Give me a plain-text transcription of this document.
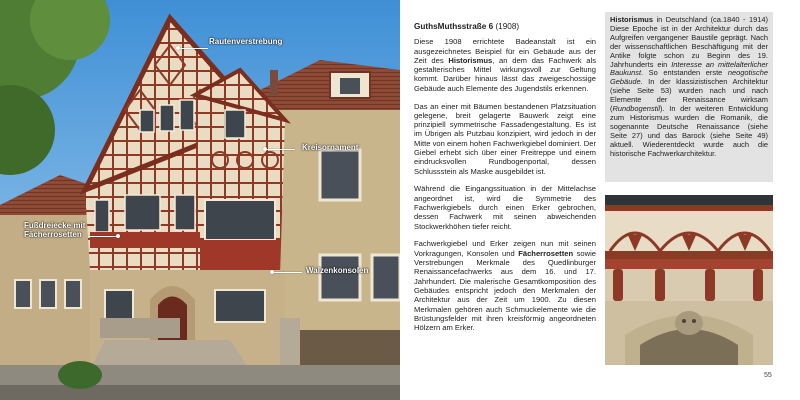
Rautenverstrebung
Kreisornament
Fußdreiecke mit
Fächerrosetten
Walzenkonsolen

GuthsMuthsstraße 6 (1908)

Diese 1908 errichtete Badeanstalt ist ein ausgezeichnetes Beispiel für ein Gebäude aus der Zeit des Historismus, an dem das Fachwerk als gestalterisches Mittel wirkungsvoll zur Geltung kommt. Darüber hinaus lässt das zweigeschossige Gebäude auch Elemente des Jugendstils erkennen.

Das an einer mit Bäumen bestandenen Platzsituation gelegene, breit gelagerte Bauwerk zeigt eine prinzipiell symmetrische Fassadengestaltung. Es ist im Übrigen als Putzbau konzipiert, wird jedoch in der Mitte von einem hohen Fachwerkgiebel dominiert. Der Giebel erhebt sich über einer Freitreppe und einem eindrucksvollen Rundbogenportal, dessen Schlussstein als Maske ausgebildet ist.

Während die Eingangssituation in der Mittelachse angeordnet ist, wird die Symmetrie des Fachwerkgiebels durch einen Erker gebrochen, dessen Fachwerk mit seinen abweichenden Stockwerkhöhen tiefer reicht.

Fachwerkgiebel und Erker zeigen nun mit seinen Vorkragungen, Konsolen und Fächerrosetten sowie Verstrebungen Merkmale des Quedlinburger Renaissancefachwerks aus dem 16. und 17. Jahrhundert. Die malerische Gesamtkomposition des Gebäudes entspricht jedoch den Merkmalen der Architektur aus der Zeit um 1900. Zu diesen Merkmalen gehören auch Schmuckelemente wie die Brüstungsfelder mit ihren kreisförmig angeordneten Hölzern am Erker.

Historismus in Deutschland (ca.1840 - 1914) Diese Epoche ist in der Architektur durch das Aufgreifen vergangener Baustile geprägt. Nach der wissenschaftlichen Beschäftigung mit der Antike folgte schon zu Beginn des 19. Jahrhunderts ein Interesse an mittelalterlicher Baukunst. So entstanden erste neogotische Gebäude. In der klassizistischen Architektur (siehe Seite 53) wurden nach und nach Elemente der Renaissance wirksam (Rundbogenstil). In der weiteren Entwicklung zum Historismus wurden die Romanik, die sogenannte Deutsche Renaissance (siehe Seite 27) und das Barock (siehe Seite 49) aktuell. Wiederentdeckt wurde auch die historische Fachwerkarchitektur.

55
